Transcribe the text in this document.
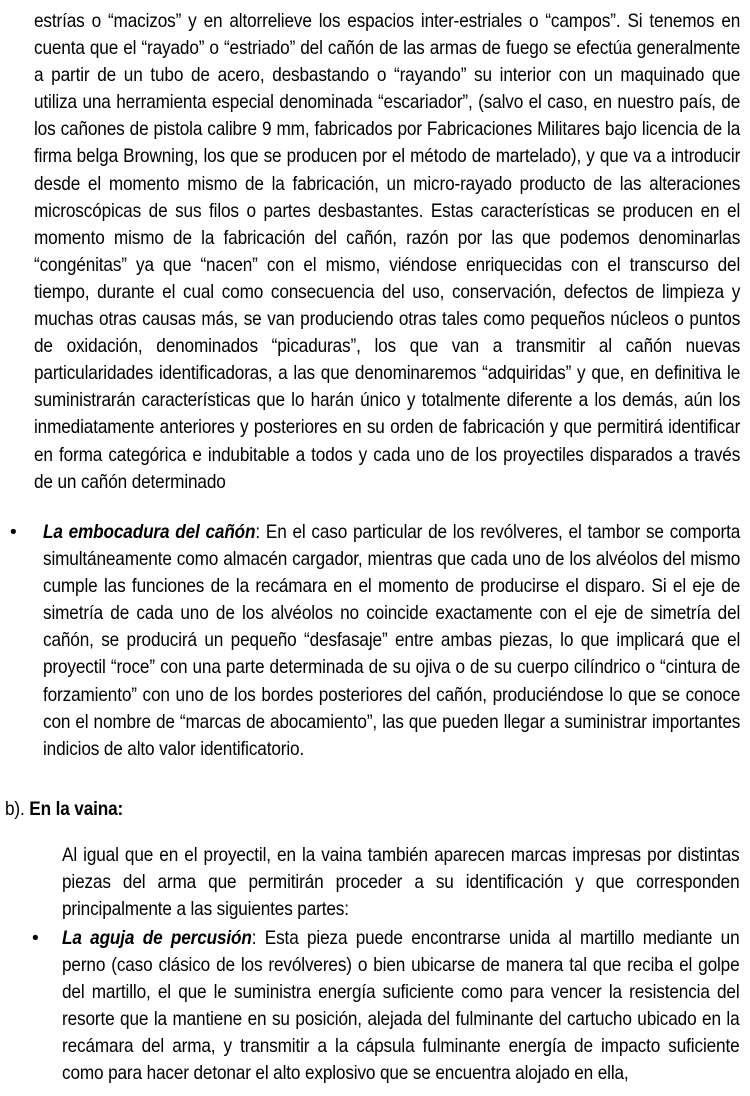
estrías o “macizos” y en altorrelieve los espacios inter-estriales o “campos”. Si tenemos en cuenta que el “rayado” o “estriado” del cañón de las armas de fuego se efectúa generalmente a partir de un tubo de acero, desbastando o “rayando” su interior con un maquinado que utiliza una herramienta especial denominada “escariador”, (salvo el caso, en nuestro país, de los cañones de pistola calibre 9 mm, fabricados por Fabricaciones Militares bajo licencia de la firma belga Browning, los que se producen por el método de martelado), y que va a introducir desde el momento mismo de la fabricación, un micro-rayado producto de las alteraciones microscópicas de sus filos o partes desbastantes. Estas características se producen en el momento mismo de la fabricación del cañón, razón por las que podemos denominarlas “congénitas” ya que “nacen” con el mismo, viéndose enriquecidas con el transcurso del tiempo, durante el cual como consecuencia del uso, conservación, defectos de limpieza y muchas otras causas más, se van produciendo otras tales como pequeños núcleos o puntos de oxidación, denominados “picaduras”, los que van a transmitir al cañón nuevas particularidades identificadoras, a las que denominaremos “adquiridas” y que, en definitiva le suministrarán características que lo harán único y totalmente diferente a los demás, aún los inmediatamente anteriores y posteriores en su orden de fabricación y que permitirá identificar en forma categórica e indubitable a todos y cada uno de los proyectiles disparados a través de un cañón determinado

• La embocadura del cañón: En el caso particular de los revólveres, el tambor se comporta simultáneamente como almacén cargador, mientras que cada uno de los alvéolos del mismo cumple las funciones de la recámara en el momento de producirse el disparo. Si el eje de simetría de cada uno de los alvéolos no coincide exactamente con el eje de simetría del cañón, se producirá un pequeño “desfasaje” entre ambas piezas, lo que implicará que el proyectil “roce” con una parte determinada de su ojiva o de su cuerpo cilíndrico o “cintura de forzamiento” con uno de los bordes posteriores del cañón, produciéndose lo que se conoce con el nombre de “marcas de abocamiento”, las que pueden llegar a suministrar importantes indicios de alto valor identificatorio.

b). En la vaina:

Al igual que en el proyectil, en la vaina también aparecen marcas impresas por distintas piezas del arma que permitirán proceder a su identificación y que corresponden principalmente a las siguientes partes:

• La aguja de percusión: Esta pieza puede encontrarse unida al martillo mediante un perno (caso clásico de los revólveres) o bien ubicarse de manera tal que reciba el golpe del martillo, el que le suministra energía suficiente como para vencer la resistencia del resorte que la mantiene en su posición, alejada del fulminante del cartucho ubicado en la recámara del arma, y transmitir a la cápsula fulminante energía de impacto suficiente como para hacer detonar el alto explosivo que se encuentra alojado en ella,
